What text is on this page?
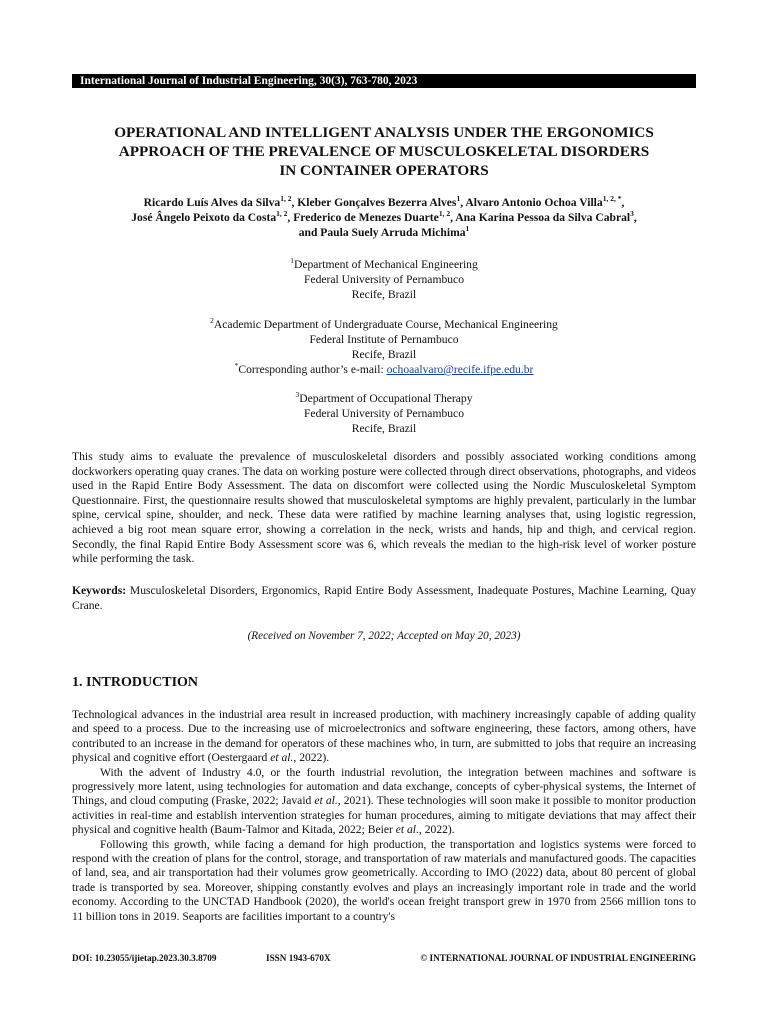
International Journal of Industrial Engineering, 30(3), 763-780, 2023
OPERATIONAL AND INTELLIGENT ANALYSIS UNDER THE ERGONOMICS
APPROACH OF THE PREVALENCE OF MUSCULOSKELETAL DISORDERS
IN CONTAINER OPERATORS
Ricardo Luís Alves da Silva$^{1, 2}$, Kleber Gonçalves Bezerra Alves$^1$, Alvaro Antonio Ochoa Villa$^{1, 2, *}$,
José Ângelo Peixoto da Costa$^{1, 2}$, Frederico de Menezes Duarte$^{1, 2}$, Ana Karina Pessoa da Silva Cabral$^3$,
and Paula Suely Arruda Michima$^1$
$^1$Department of Mechanical Engineering
Federal University of Pernambuco
Recife, Brazil
$^2$Academic Department of Undergraduate Course, Mechanical Engineering
Federal Institute of Pernambuco
Recife, Brazil
*Corresponding author’s e-mail: ochoaalvaro@recife.ifpe.edu.br
$^3$Department of Occupational Therapy
Federal University of Pernambuco
Recife, Brazil
This study aims to evaluate the prevalence of musculoskeletal disorders and possibly associated working conditions among dockworkers operating quay cranes. The data on working posture were collected through direct observations, photographs, and videos used in the Rapid Entire Body Assessment. The data on discomfort were collected using the Nordic Musculoskeletal Symptom Questionnaire. First, the questionnaire results showed that musculoskeletal symptoms are highly prevalent, particularly in the lumbar spine, cervical spine, shoulder, and neck. These data were ratified by machine learning analyses that, using logistic regression, achieved a big root mean square error, showing a correlation in the neck, wrists and hands, hip and thigh, and cervical region. Secondly, the final Rapid Entire Body Assessment score was 6, which reveals the median to the high-risk level of worker posture while performing the task.
Keywords: Musculoskeletal Disorders, Ergonomics, Rapid Entire Body Assessment, Inadequate Postures, Machine Learning, Quay Crane.
(Received on November 7, 2022; Accepted on May 20, 2023)
1. INTRODUCTION

Technological advances in the industrial area result in increased production, with machinery increasingly capable of adding quality and speed to a process. Due to the increasing use of microelectronics and software engineering, these factors, among others, have contributed to an increase in the demand for operators of these machines who, in turn, are submitted to jobs that require an increasing physical and cognitive effort (Oestergaard et al., 2022).

With the advent of Industry 4.0, or the fourth industrial revolution, the integration between machines and software is progressively more latent, using technologies for automation and data exchange, concepts of cyber-physical systems, the Internet of Things, and cloud computing (Fraske, 2022; Javaid et al., 2021). These technologies will soon make it possible to monitor production activities in real-time and establish intervention strategies for human procedures, aiming to mitigate deviations that may affect their physical and cognitive health (Baum-Talmor and Kitada, 2022; Beier et al., 2022).

Following this growth, while facing a demand for high production, the transportation and logistics systems were forced to respond with the creation of plans for the control, storage, and transportation of raw materials and manufactured goods. The capacities of land, sea, and air transportation had their volumes grow geometrically. According to IMO (2022) data, about 80 percent of global trade is transported by sea. Moreover, shipping constantly evolves and plays an increasingly important role in trade and the world economy. According to the UNCTAD Handbook (2020), the world's ocean freight transport grew in 1970 from 2566 million tons to 11 billion tons in 2019. Seaports are facilities important to a country's

DOI: 10.23055/ijietap.2023.30.3.8709	ISSN 1943-670X	© INTERNATIONAL JOURNAL OF INDUSTRIAL ENGINEERING
